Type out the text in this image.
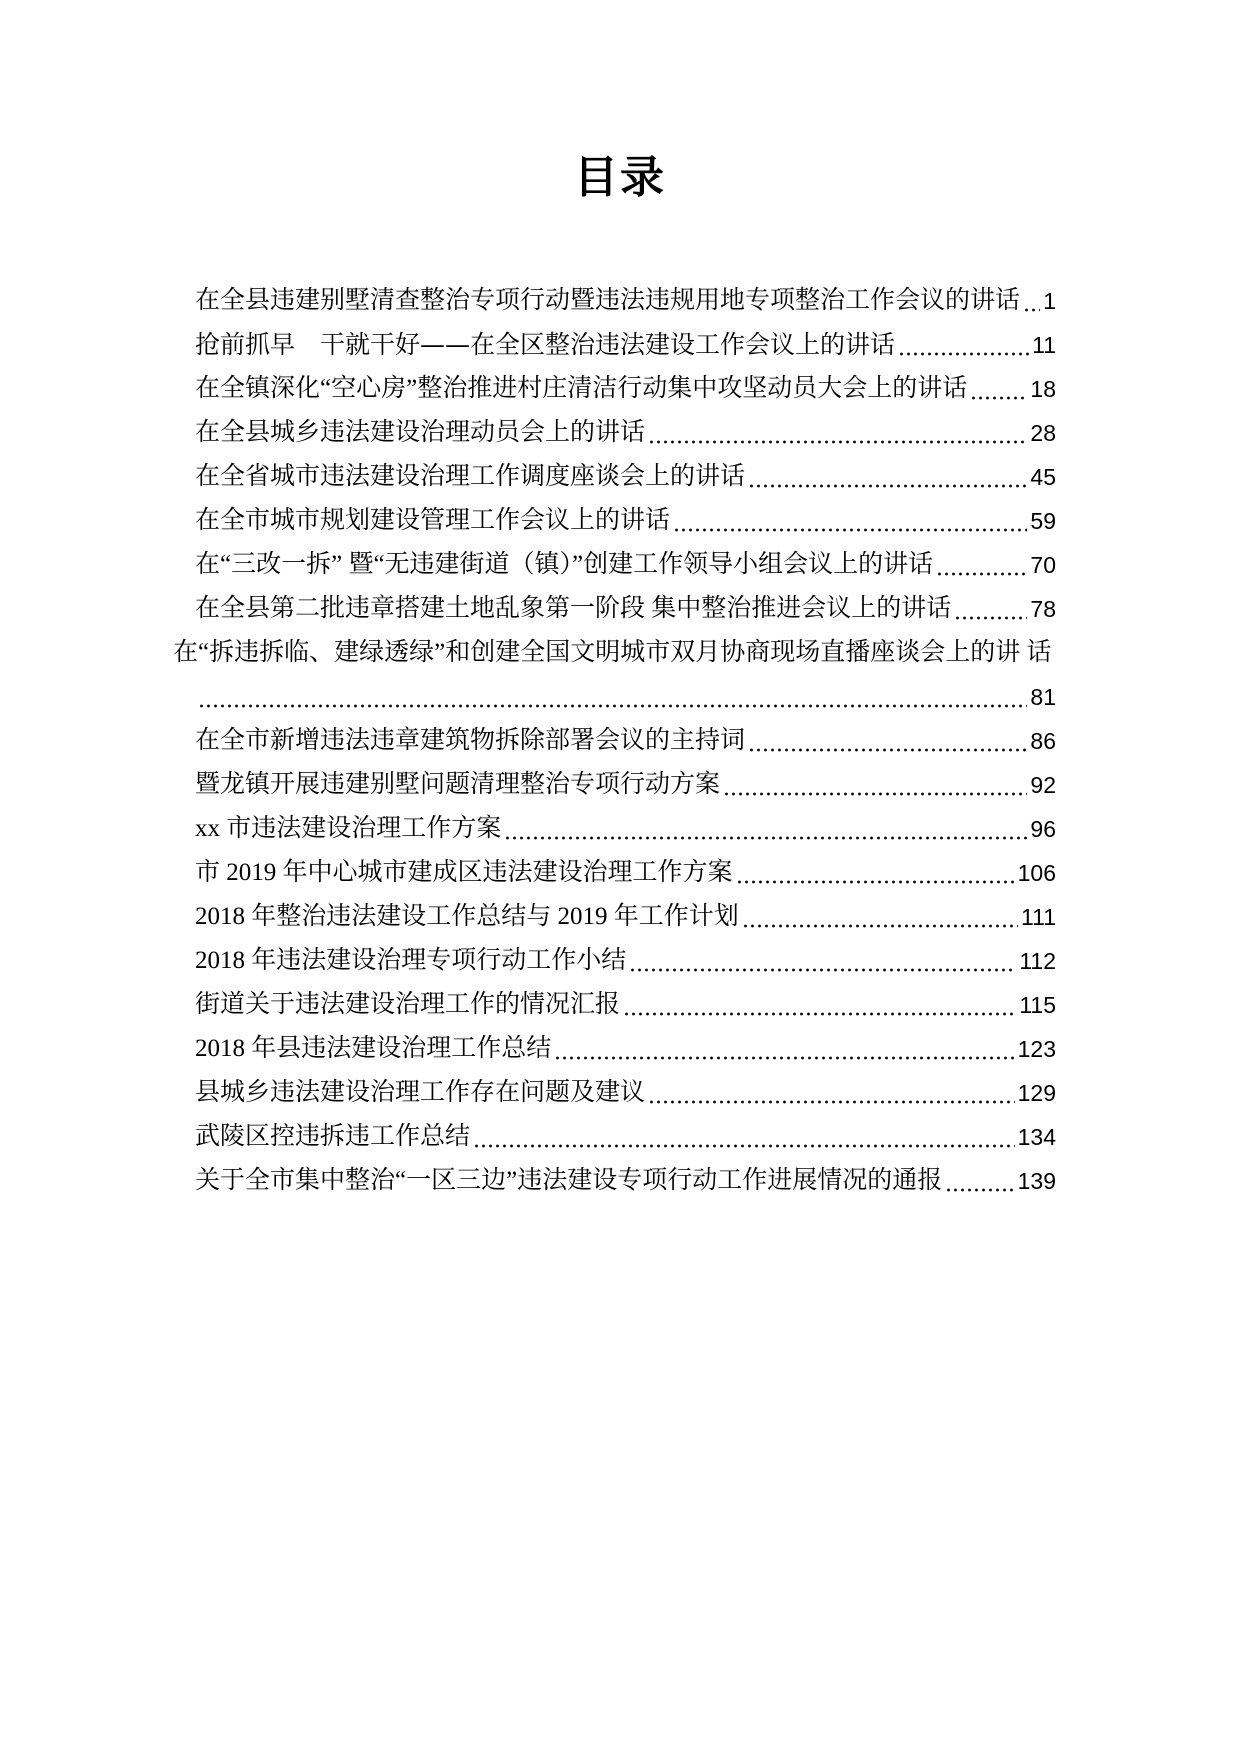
目录
在全县违建别墅清查整治专项行动暨违法违规用地专项整治工作会议的讲话 1
抢前抓早　干就干好——在全区整治违法建设工作会议上的讲话	11
在全镇深化“空心房”整治推进村庄清洁行动集中攻坚动员大会上的讲话	18
在全县城乡违法建设治理动员会上的讲话	28
在全省城市违法建设治理工作调度座谈会上的讲话	45
在全市城市规划建设管理工作会议上的讲话	59
在“三改一拆” 暨“无违建街道（镇）”创建工作领导小组会议上的讲话	70
在全县第二批违章搭建土地乱象第一阶段 集中整治推进会议上的讲话	78
在“拆违拆临、建绿透绿”和创建全国文明城市双月协商现场直播座谈会上的讲 话
81
在全市新增违法违章建筑物拆除部署会议的主持词	86
暨龙镇开展违建别墅问题清理整治专项行动方案	92
xx 市违法建设治理工作方案	96
市 2019 年中心城市建成区违法建设治理工作方案	106
2018 年整治违法建设工作总结与 2019 年工作计划	111
2018 年违法建设治理专项行动工作小结	112
街道关于违法建设治理工作的情况汇报	115
2018 年县违法建设治理工作总结	123
县城乡违法建设治理工作存在问题及建议	129
武陵区控违拆违工作总结	134
关于全市集中整治“一区三边”违法建设专项行动工作进展情况的通报	139
